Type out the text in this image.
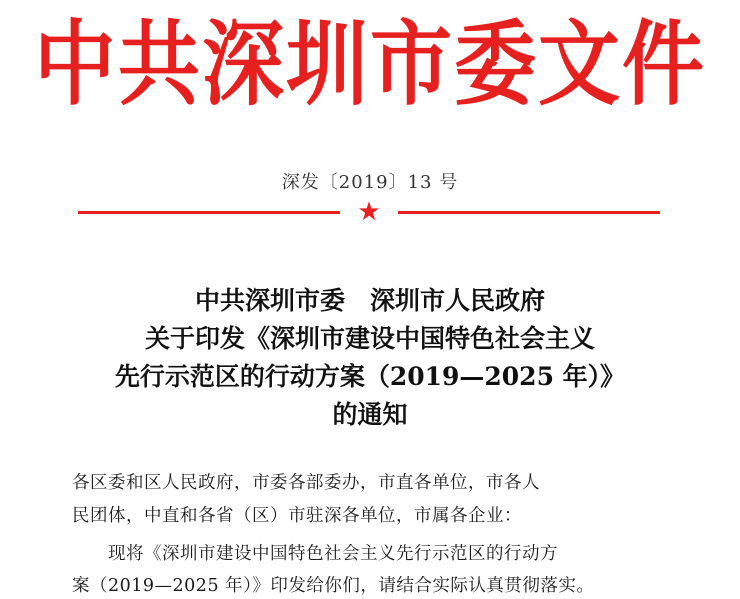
中共深圳市委文件
深发〔2019〕13 号
★
中共深圳市委　深圳市人民政府
关于印发《深圳市建设中国特色社会主义
先行示范区的行动方案（2019—2025 年）》
的通知
各区委和区人民政府，市委各部委办，市直各单位，市各人
民团体，中直和各省（区）市驻深各单位，市属各企业：
现将《深圳市建设中国特色社会主义先行示范区的行动方
案（2019—2025 年）》印发给你们，请结合实际认真贯彻落实。
